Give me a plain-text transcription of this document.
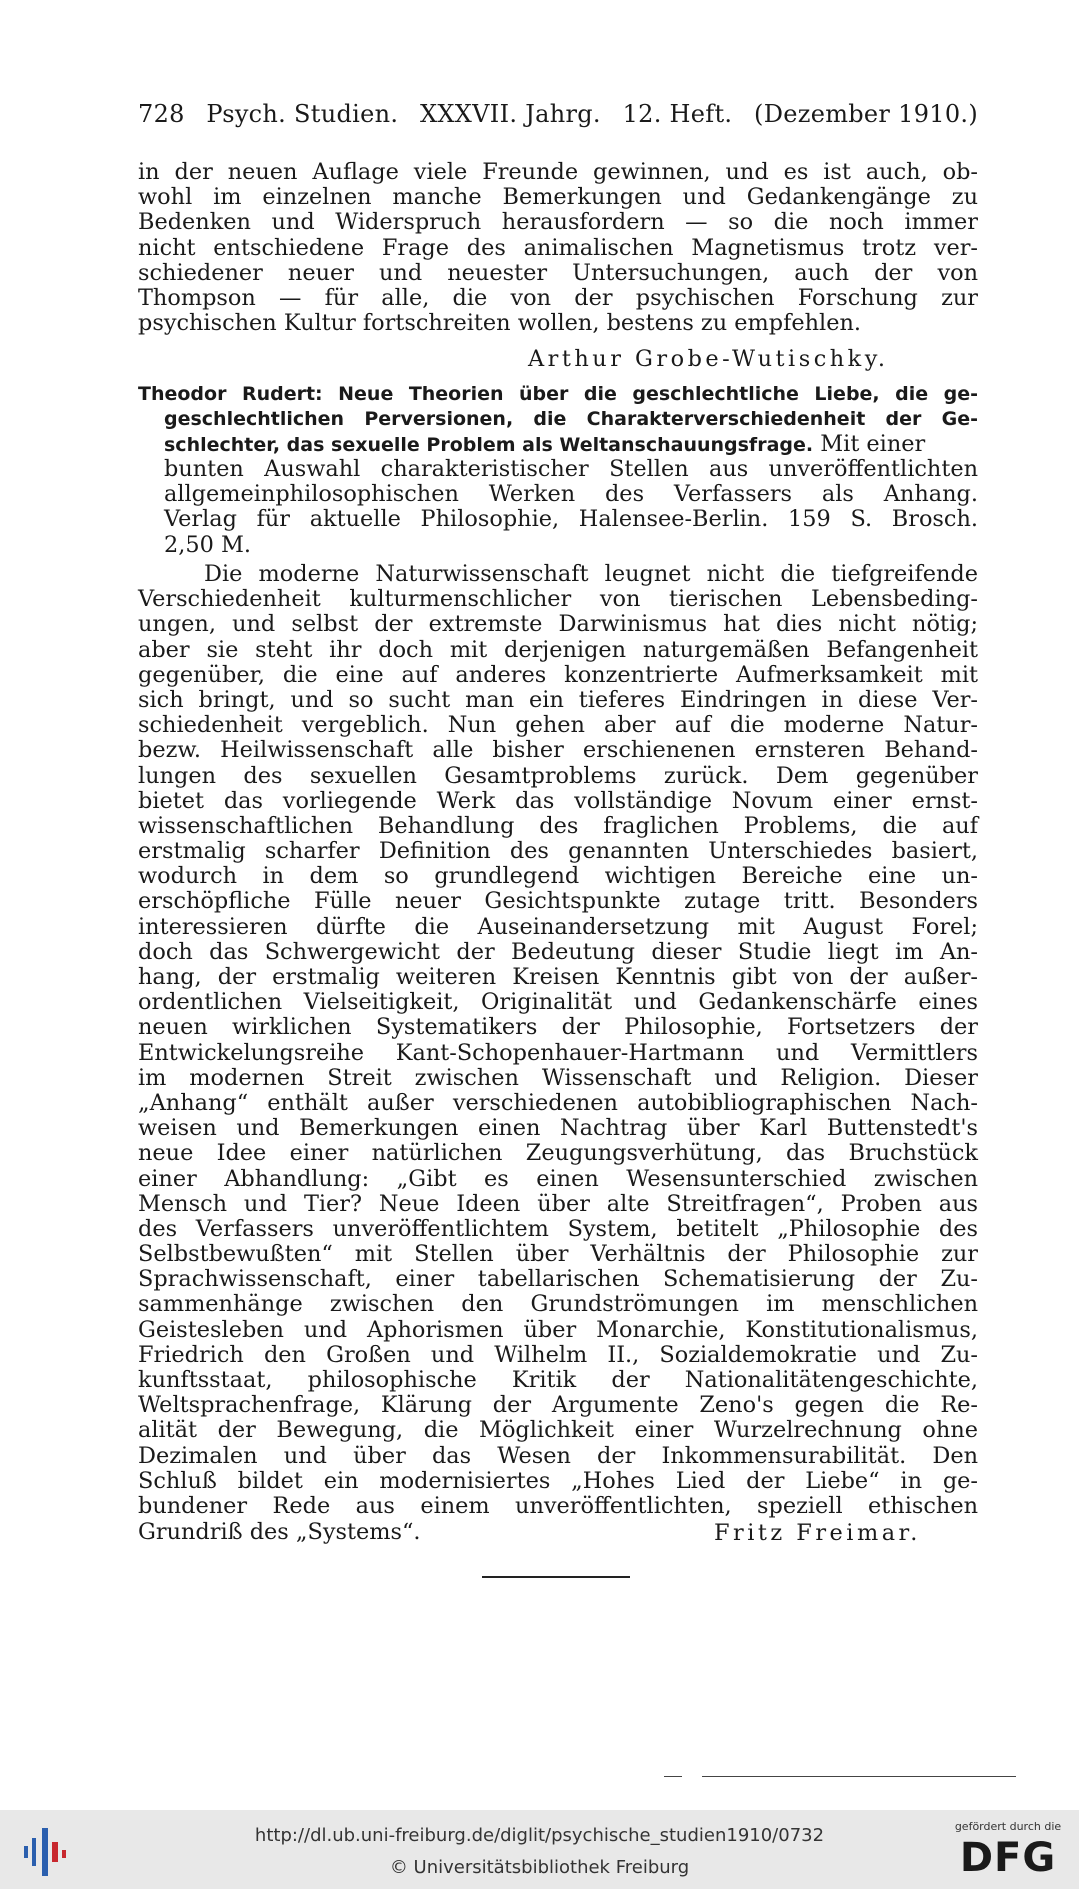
728 Psych. Studien. XXXVII. Jahrg. 12. Heft. (Dezember 1910.)
in der neuen Auflage viele Freunde gewinnen, und es ist auch, ob-
wohl im einzelnen manche Bemerkungen und Gedankengänge zu
Bedenken und Widerspruch herausfordern — so die noch immer
nicht entschiedene Frage des animalischen Magnetismus trotz ver-
schiedener neuer und neuester Untersuchungen, auch der von
Thompson — für alle, die von der psychischen Forschung zur
psychischen Kultur fortschreiten wollen, bestens zu empfehlen.
Arthur Grobe-Wutischky.
Theodor Rudert: Neue Theorien über die geschlechtliche Liebe, die ge-
geschlechtlichen Perversionen, die Charakterverschiedenheit der Ge-
schlechter, das sexuelle Problem als Weltanschauungsfrage. Mit einer
bunten Auswahl charakteristischer Stellen aus unveröffentlichten
allgemeinphilosophischen Werken des Verfassers als Anhang.
Verlag für aktuelle Philosophie, Halensee-Berlin. 159 S. Brosch.
2,50 M.
Die moderne Naturwissenschaft leugnet nicht die tiefgreifende
Verschiedenheit kulturmenschlicher von tierischen Lebensbeding-
ungen, und selbst der extremste Darwinismus hat dies nicht nötig;
aber sie steht ihr doch mit derjenigen naturgemäßen Befangenheit
gegenüber, die eine auf anderes konzentrierte Aufmerksamkeit mit
sich bringt, und so sucht man ein tieferes Eindringen in diese Ver-
schiedenheit vergeblich. Nun gehen aber auf die moderne Natur-
bezw. Heilwissenschaft alle bisher erschienenen ernsteren Behand-
lungen des sexuellen Gesamtproblems zurück. Dem gegenüber
bietet das vorliegende Werk das vollständige Novum einer ernst-
wissenschaftlichen Behandlung des fraglichen Problems, die auf
erstmalig scharfer Definition des genannten Unterschiedes basiert,
wodurch in dem so grundlegend wichtigen Bereiche eine un-
erschöpfliche Fülle neuer Gesichtspunkte zutage tritt. Besonders
interessieren dürfte die Auseinandersetzung mit August Forel;
doch das Schwergewicht der Bedeutung dieser Studie liegt im An-
hang, der erstmalig weiteren Kreisen Kenntnis gibt von der außer-
ordentlichen Vielseitigkeit, Originalität und Gedankenschärfe eines
neuen wirklichen Systematikers der Philosophie, Fortsetzers der
Entwickelungsreihe Kant-Schopenhauer-Hartmann und Vermittlers
im modernen Streit zwischen Wissenschaft und Religion. Dieser
„Anhang“ enthält außer verschiedenen autobibliographischen Nach-
weisen und Bemerkungen einen Nachtrag über Karl Buttenstedt's
neue Idee einer natürlichen Zeugungsverhütung, das Bruchstück
einer Abhandlung: „Gibt es einen Wesensunterschied zwischen
Mensch und Tier? Neue Ideen über alte Streitfragen“, Proben aus
des Verfassers unveröffentlichtem System, betitelt „Philosophie des
Selbstbewußten“ mit Stellen über Verhältnis der Philosophie zur
Sprachwissenschaft, einer tabellarischen Schematisierung der Zu-
sammenhänge zwischen den Grundströmungen im menschlichen
Geistesleben und Aphorismen über Monarchie, Konstitutionalismus,
Friedrich den Großen und Wilhelm II., Sozialdemokratie und Zu-
kunftsstaat, philosophische Kritik der Nationalitätengeschichte,
Weltsprachenfrage, Klärung der Argumente Zeno's gegen die Re-
alität der Bewegung, die Möglichkeit einer Wurzelrechnung ohne
Dezimalen und über das Wesen der Inkommensurabilität. Den
Schluß bildet ein modernisiertes „Hohes Lied der Liebe“ in ge-
bundener Rede aus einem unveröffentlichten, speziell ethischen
Grundriß des „Systems“.	Fritz Freimar.
http://dl.ub.uni-freiburg.de/diglit/psychische_studien1910/0732
© Universitätsbibliothek Freiburg
gefördert durch die
DFG
